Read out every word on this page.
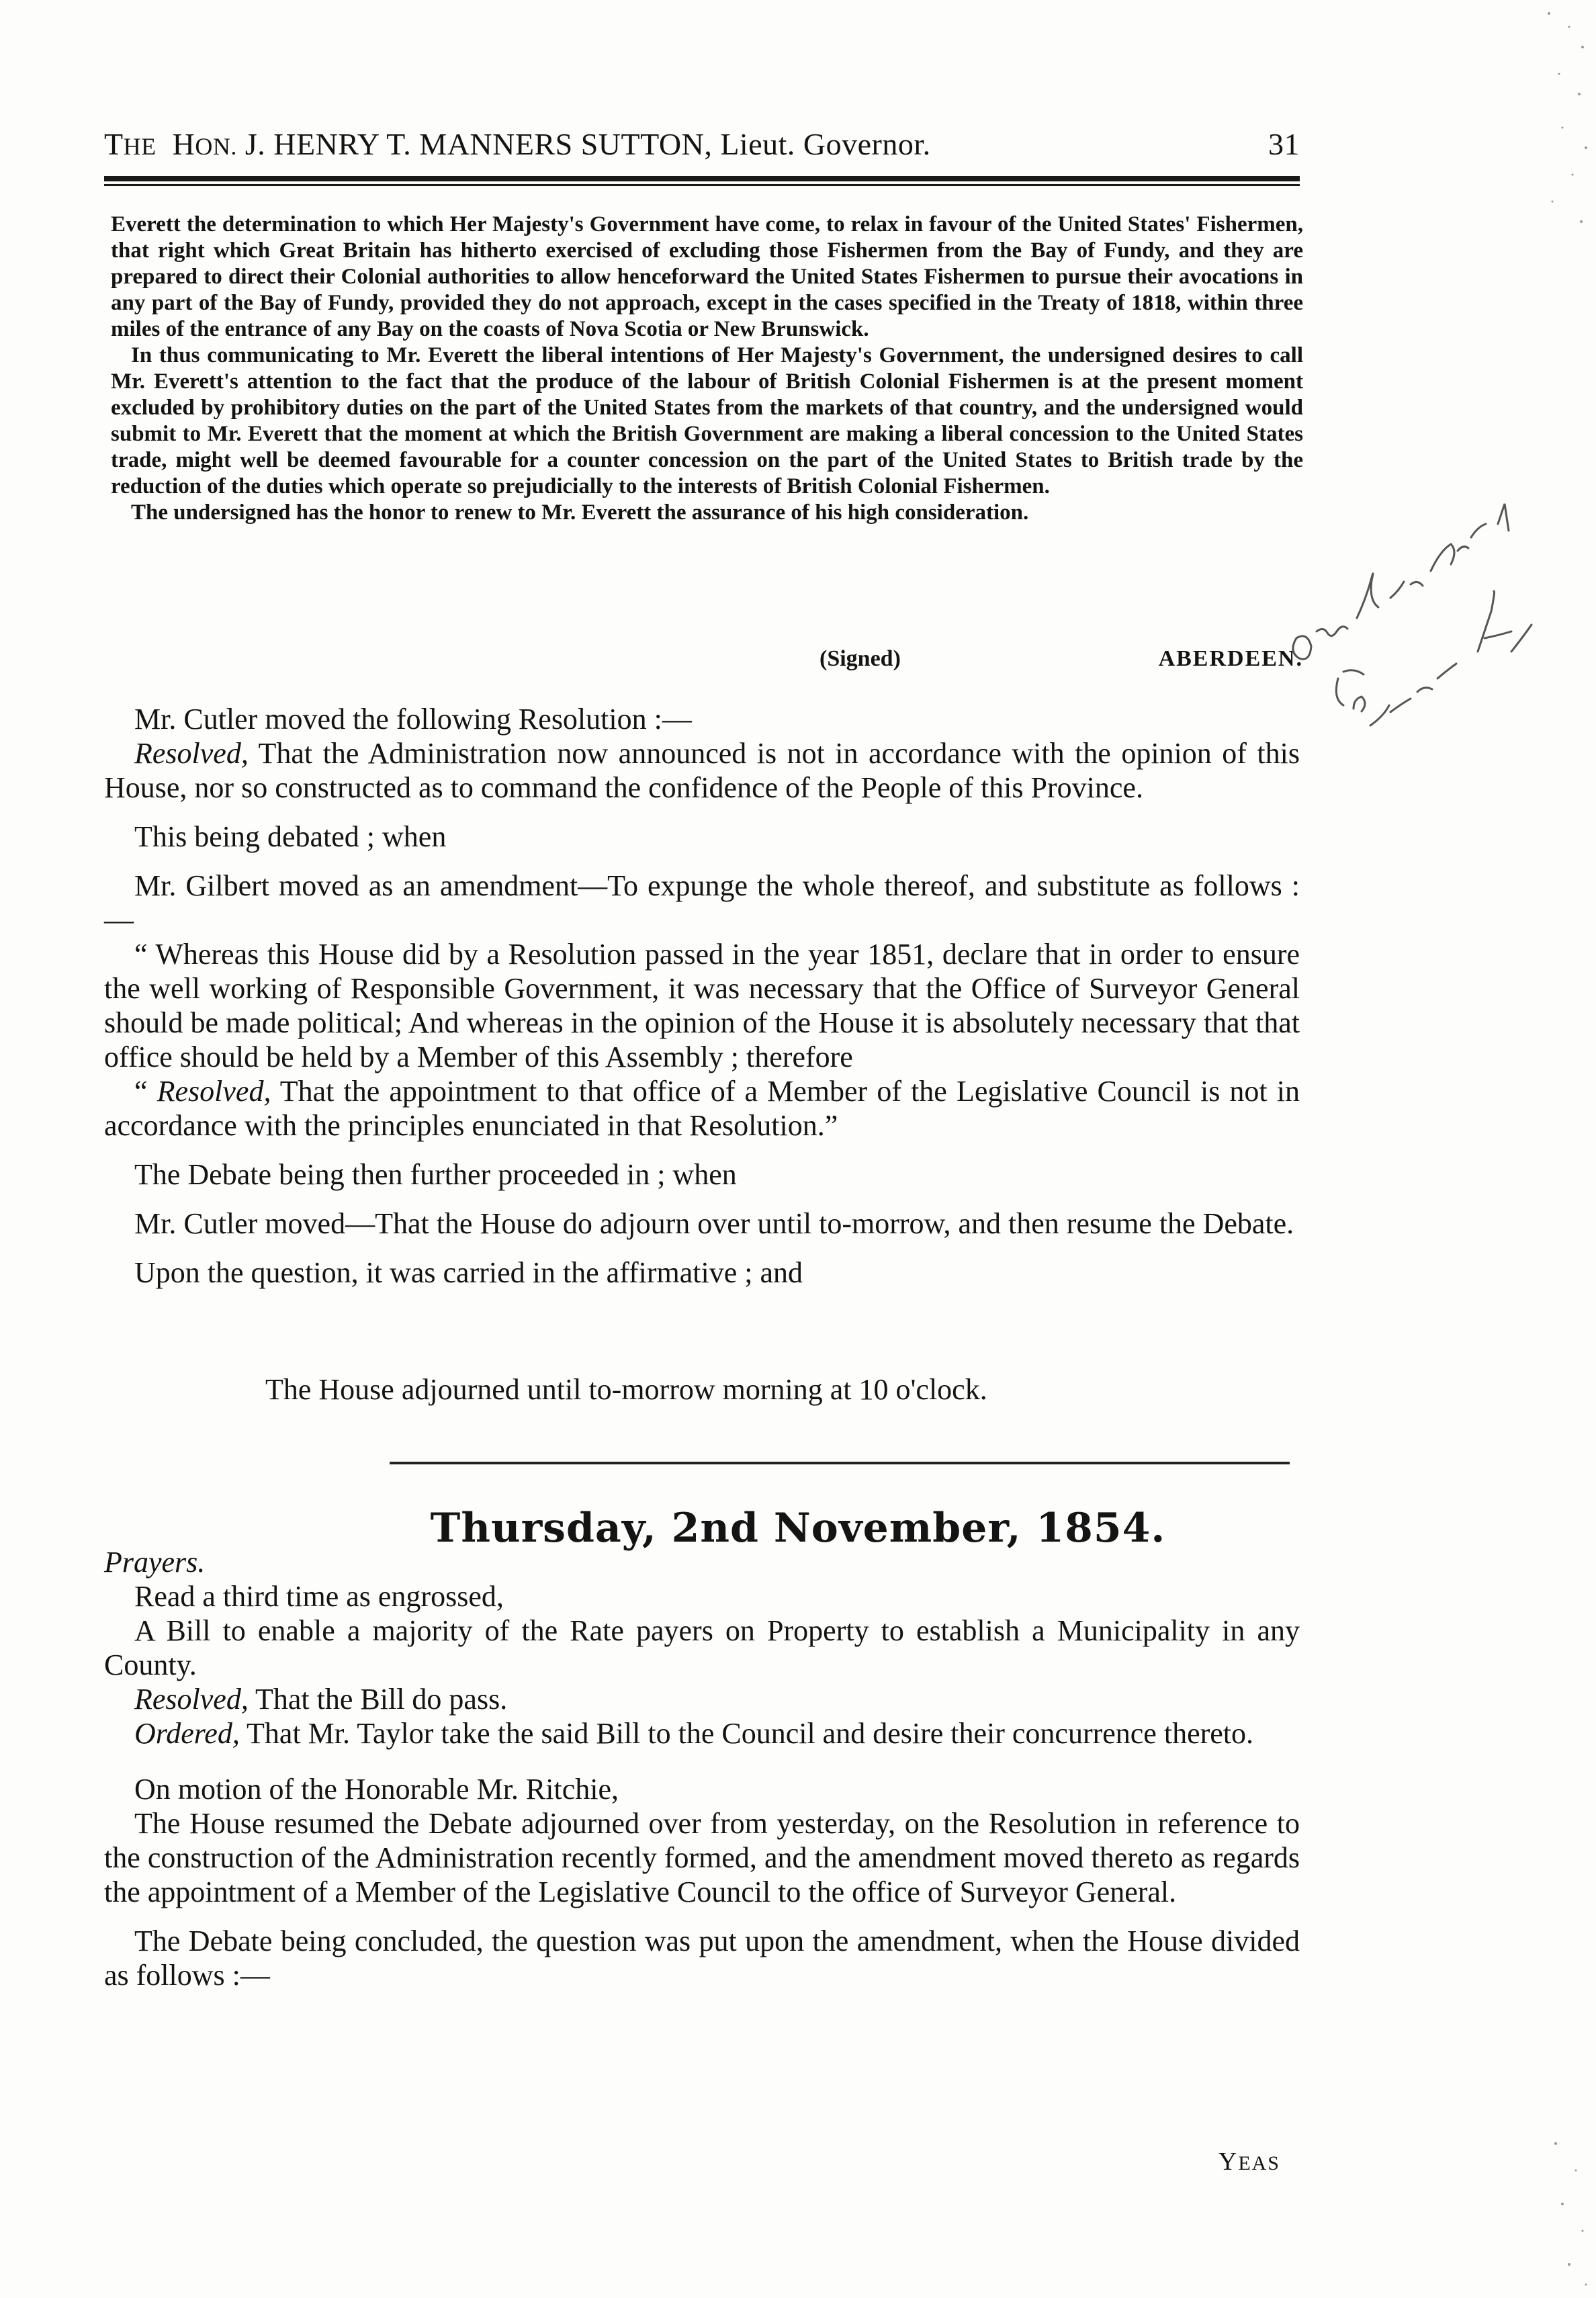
THE HON. J. HENRY T. MANNERS SUTTON, Lieut. Governor.	31

Everett the determination to which Her Majesty's Government have come, to relax in favour of the United States' Fishermen, that right which Great Britain has hitherto exercised of excluding those Fishermen from the Bay of Fundy, and they are prepared to direct their Colonial authorities to allow henceforward the United States Fishermen to pursue their avocations in any part of the Bay of Fundy, provided they do not approach, except in the cases specified in the Treaty of 1818, within three miles of the entrance of any Bay on the coasts of Nova Scotia or New Brunswick.

In thus communicating to Mr. Everett the liberal intentions of Her Majesty's Government, the undersigned desires to call Mr. Everett's attention to the fact that the produce of the labour of British Colonial Fishermen is at the present moment excluded by prohibitory duties on the part of the United States from the markets of that country, and the undersigned would submit to Mr. Everett that the moment at which the British Government are making a liberal concession to the United States trade, might well be deemed favourable for a counter concession on the part of the United States to British trade by the reduction of the duties which operate so prejudicially to the interests of British Colonial Fishermen.

The undersigned has the honor to renew to Mr. Everett the assurance of his high consideration.

(Signed)	ABERDEEN.

Mr. Cutler moved the following Resolution :—

Resolved, That the Administration now announced is not in accordance with the opinion of this House, nor so constructed as to command the confidence of the People of this Province.

This being debated ; when

Mr. Gilbert moved as an amendment—To expunge the whole thereof, and substitute as follows :—

“ Whereas this House did by a Resolution passed in the year 1851, declare that in order to ensure the well working of Responsible Government, it was necessary that the Office of Surveyor General should be made political; And whereas in the opinion of the House it is absolutely necessary that that office should be held by a Member of this Assembly ; therefore

“ Resolved, That the appointment to that office of a Member of the Legislative Council is not in accordance with the principles enunciated in that Resolution.”

The Debate being then further proceeded in ; when

Mr. Cutler moved—That the House do adjourn over until to-morrow, and then resume the Debate.

Upon the question, it was carried in the affirmative ; and

The House adjourned until to-morrow morning at 10 o'clock.
Thursday, 2nd November, 1854.

Prayers.

Read a third time as engrossed,

A Bill to enable a majority of the Rate payers on Property to establish a Municipality in any County.

Resolved, That the Bill do pass.

Ordered, That Mr. Taylor take the said Bill to the Council and desire their concurrence thereto.

On motion of the Honorable Mr. Ritchie,

The House resumed the Debate adjourned over from yesterday, on the Resolution in reference to the construction of the Administration recently formed, and the amendment moved thereto as regards the appointment of a Member of the Legislative Council to the office of Surveyor General.

The Debate being concluded, the question was put upon the amendment, when the House divided as follows :—

YEAS
